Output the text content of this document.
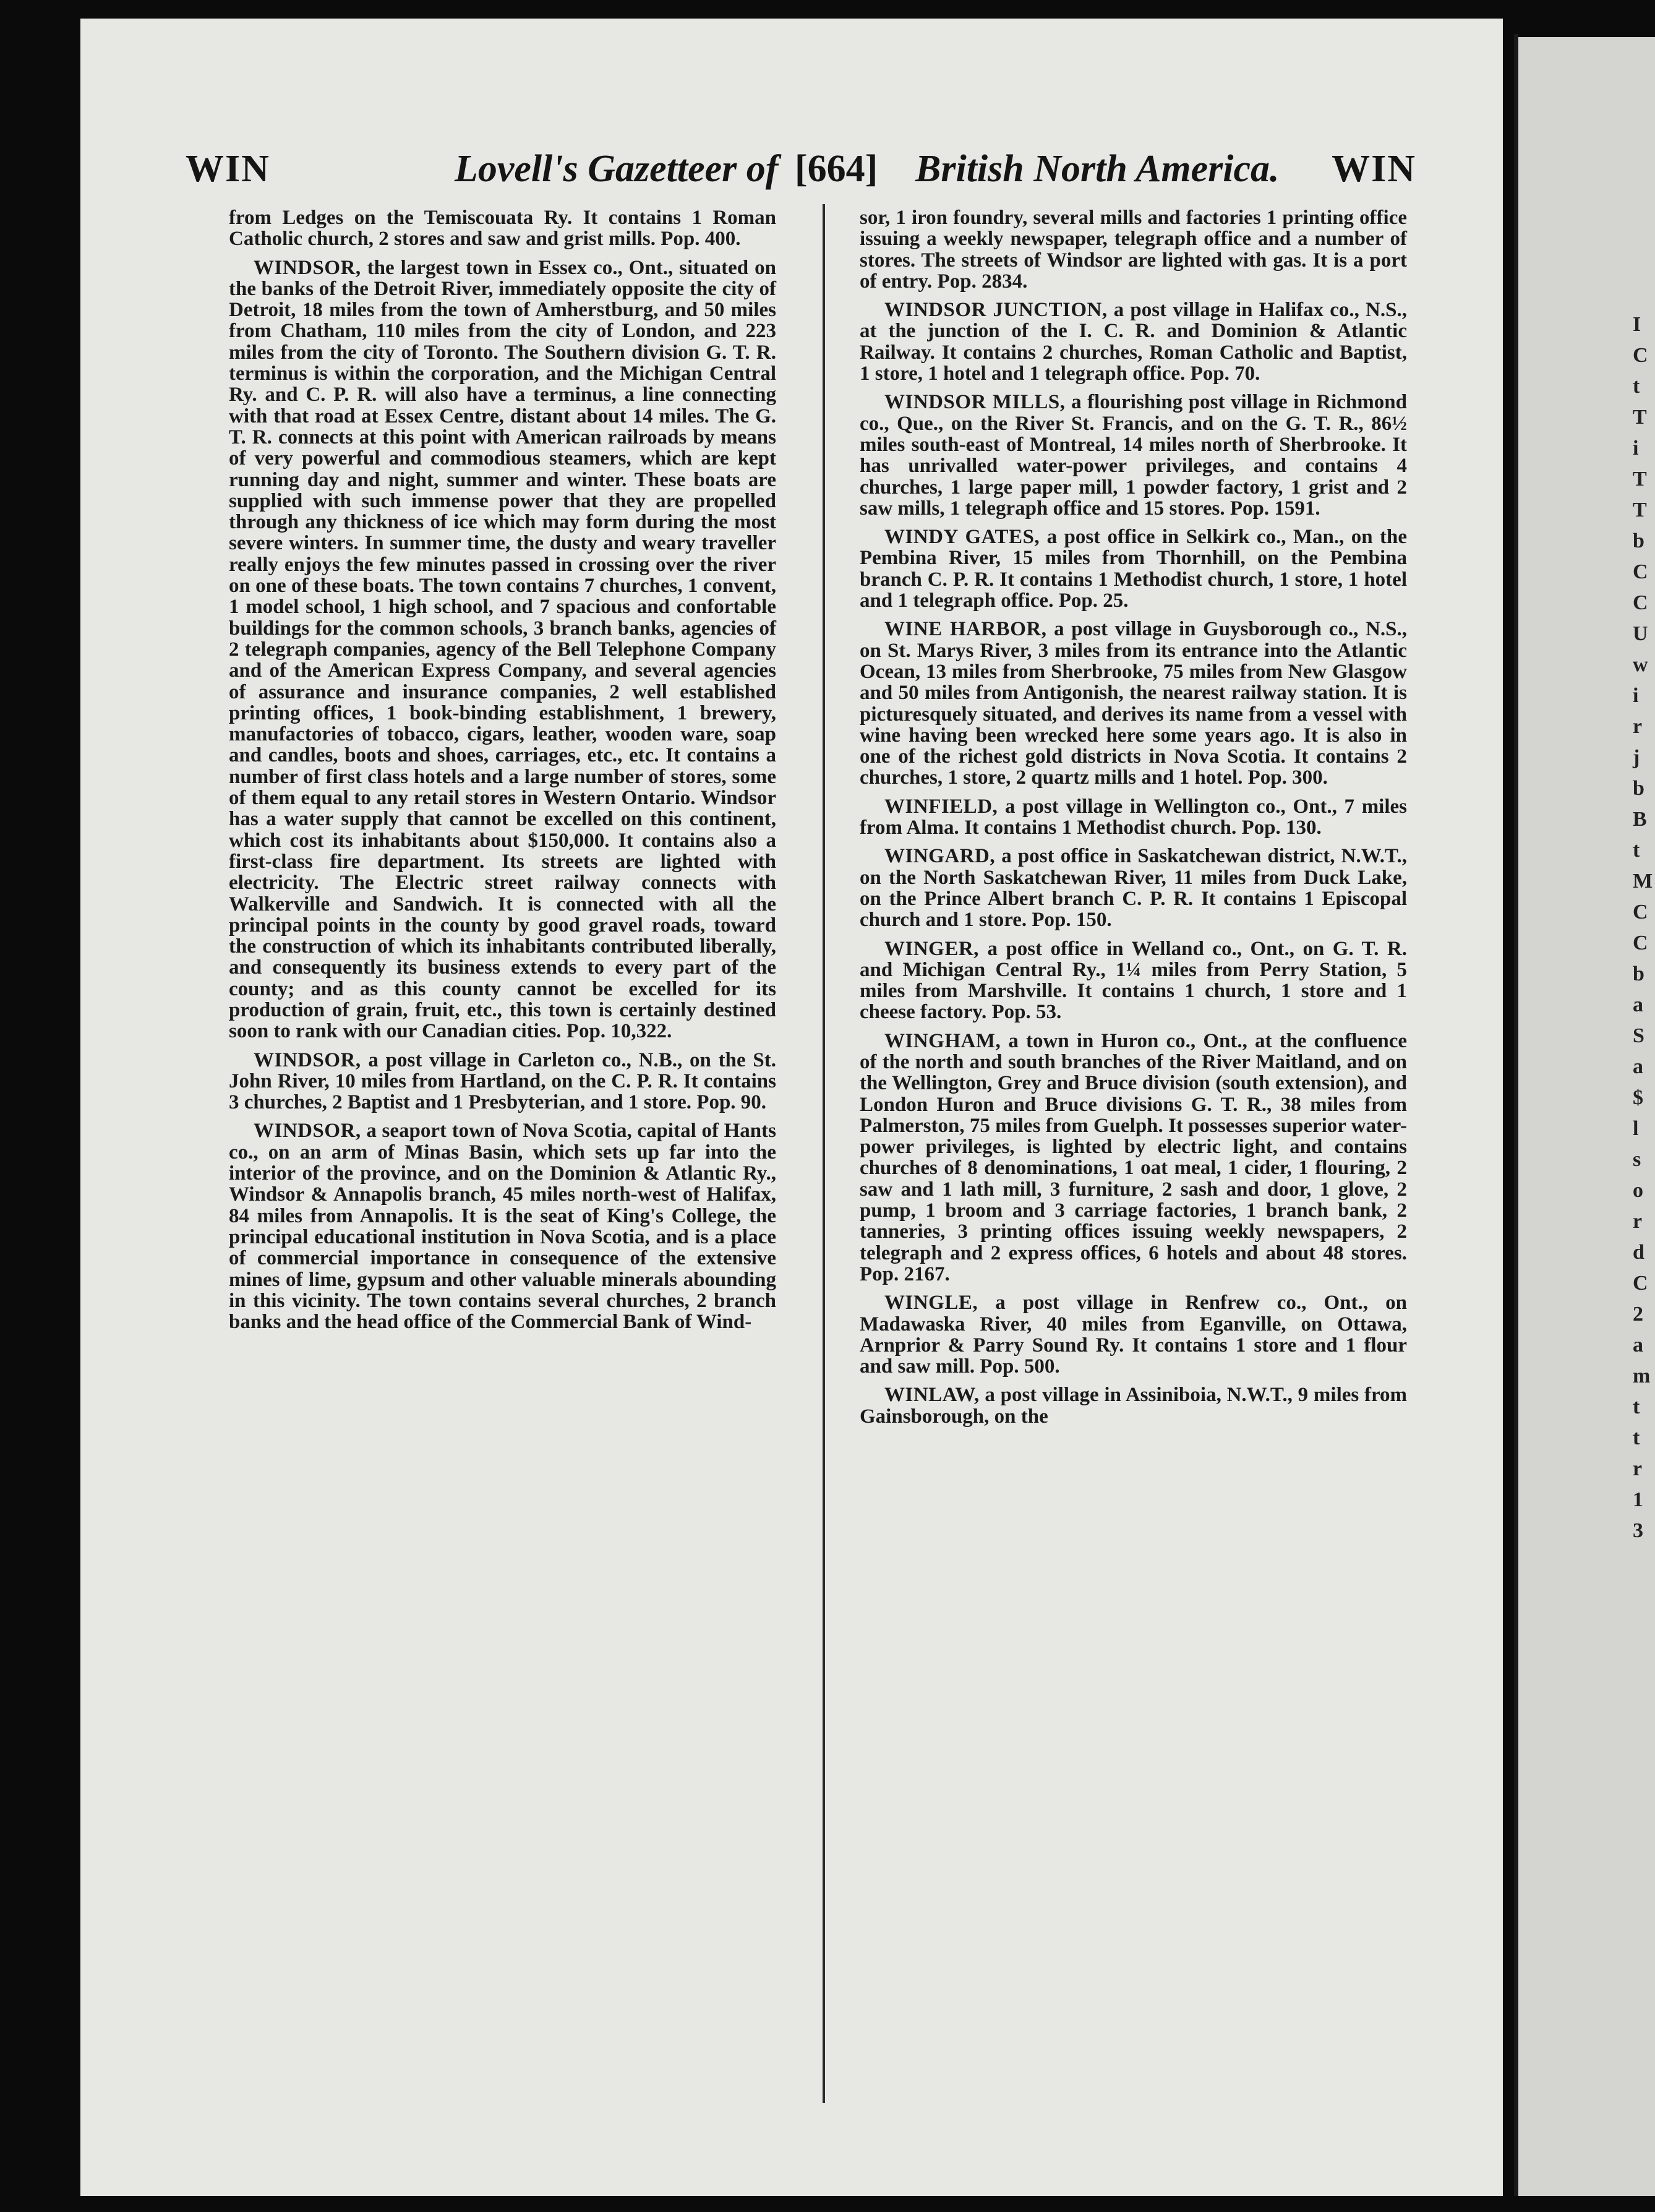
WIN	Lovell's Gazetteer of [664] British North America. WIN

from Ledges on the Temiscouata Ry. It contains 1 Roman Catholic church, 2 stores and saw and grist mills. Pop. 400.

WINDSOR, the largest town in Essex co., Ont., situated on the banks of the Detroit River, immediately opposite the city of Detroit, 18 miles from the town of Amherstburg, and 50 miles from Chatham, 110 miles from the city of London, and 223 miles from the city of Toronto. The Southern division G. T. R. terminus is within the corporation, and the Michigan Central Ry. and C. P. R. will also have a terminus, a line connecting with that road at Essex Centre, distant about 14 miles. The G. T. R. connects at this point with American railroads by means of very powerful and commodious steamers, which are kept running day and night, summer and winter. These boats are supplied with such immense power that they are propelled through any thickness of ice which may form during the most severe winters. In summer time, the dusty and weary traveller really enjoys the few minutes passed in crossing over the river on one of these boats. The town contains 7 churches, 1 convent, 1 model school, 1 high school, and 7 spacious and confortable buildings for the common schools, 3 branch banks, agencies of 2 telegraph companies, agency of the Bell Telephone Company and of the American Express Company, and several agencies of assurance and insurance companies, 2 well established printing offices, 1 book-binding establishment, 1 brewery, manufactories of tobacco, cigars, leather, wooden ware, soap and candles, boots and shoes, carriages, etc., etc. It contains a number of first class hotels and a large number of stores, some of them equal to any retail stores in Western Ontario. Windsor has a water supply that cannot be excelled on this continent, which cost its inhabitants about $150,000. It contains also a first-class fire department. Its streets are lighted with electricity. The Electric street railway connects with Walkerville and Sandwich. It is connected with all the principal points in the county by good gravel roads, toward the construction of which its inhabitants contributed liberally, and consequently its business extends to every part of the county; and as this county cannot be excelled for its production of grain, fruit, etc., this town is certainly destined soon to rank with our Canadian cities. Pop. 10,322.

WINDSOR, a post village in Carleton co., N.B., on the St. John River, 10 miles from Hartland, on the C. P. R. It contains 3 churches, 2 Baptist and 1 Presbyterian, and 1 store. Pop. 90.

WINDSOR, a seaport town of Nova Scotia, capital of Hants co., on an arm of Minas Basin, which sets up far into the interior of the province, and on the Dominion & Atlantic Ry., Windsor & Annapolis branch, 45 miles north-west of Halifax, 84 miles from Annapolis. It is the seat of King's College, the principal educational institution in Nova Scotia, and is a place of commercial importance in consequence of the extensive mines of lime, gypsum and other valuable minerals abounding in this vicinity. The town contains several churches, 2 branch banks and the head office of the Commercial Bank of Wind-

sor, 1 iron foundry, several mills and factories 1 printing office issuing a weekly newspaper, telegraph office and a number of stores. The streets of Windsor are lighted with gas. It is a port of entry. Pop. 2834.

WINDSOR JUNCTION, a post village in Halifax co., N.S., at the junction of the I. C. R. and Dominion & Atlantic Railway. It contains 2 churches, Roman Catholic and Baptist, 1 store, 1 hotel and 1 telegraph office. Pop. 70.

WINDSOR MILLS, a flourishing post village in Richmond co., Que., on the River St. Francis, and on the G. T. R., 86½ miles south-east of Montreal, 14 miles north of Sherbrooke. It has unrivalled water-power privileges, and contains 4 churches, 1 large paper mill, 1 powder factory, 1 grist and 2 saw mills, 1 telegraph office and 15 stores. Pop. 1591.

WINDY GATES, a post office in Selkirk co., Man., on the Pembina River, 15 miles from Thornhill, on the Pembina branch C. P. R. It contains 1 Methodist church, 1 store, 1 hotel and 1 telegraph office. Pop. 25.

WINE HARBOR, a post village in Guysborough co., N.S., on St. Marys River, 3 miles from its entrance into the Atlantic Ocean, 13 miles from Sherbrooke, 75 miles from New Glasgow and 50 miles from Antigonish, the nearest railway station. It is picturesquely situated, and derives its name from a vessel with wine having been wrecked here some years ago. It is also in one of the richest gold districts in Nova Scotia. It contains 2 churches, 1 store, 2 quartz mills and 1 hotel. Pop. 300.

WINFIELD, a post village in Wellington co., Ont., 7 miles from Alma. It contains 1 Methodist church. Pop. 130.

WINGARD, a post office in Saskatchewan district, N.W.T., on the North Saskatchewan River, 11 miles from Duck Lake, on the Prince Albert branch C. P. R. It contains 1 Episcopal church and 1 store. Pop. 150.

WINGER, a post office in Welland co., Ont., on G. T. R. and Michigan Central Ry., 1¼ miles from Perry Station, 5 miles from Marshville. It contains 1 church, 1 store and 1 cheese factory. Pop. 53.

WINGHAM, a town in Huron co., Ont., at the confluence of the north and south branches of the River Maitland, and on the Wellington, Grey and Bruce division (south extension), and London Huron and Bruce divisions G. T. R., 38 miles from Palmerston, 75 miles from Guelph. It possesses superior water-power privileges, is lighted by electric light, and contains churches of 8 denominations, 1 oat meal, 1 cider, 1 flouring, 2 saw and 1 lath mill, 3 furniture, 2 sash and door, 1 glove, 2 pump, 1 broom and 3 carriage factories, 1 branch bank, 2 tanneries, 3 printing offices issuing weekly newspapers, 2 telegraph and 2 express offices, 6 hotels and about 48 stores. Pop. 2167.

WINGLE, a post village in Renfrew co., Ont., on Madawaska River, 40 miles from Eganville, on Ottawa, Arnprior & Parry Sound Ry. It contains 1 store and 1 flour and saw mill. Pop. 500.

WINLAW, a post village in Assiniboia, N.W.T., 9 miles from Gainsborough, on the

I
C
t
T
i
T
T
b
C
C
U
w
i
r
j
b
B
t
M
C
C
b
a
S
a
$
l
s
o
r
d
C
2
a
m
t
t
r
1
3
